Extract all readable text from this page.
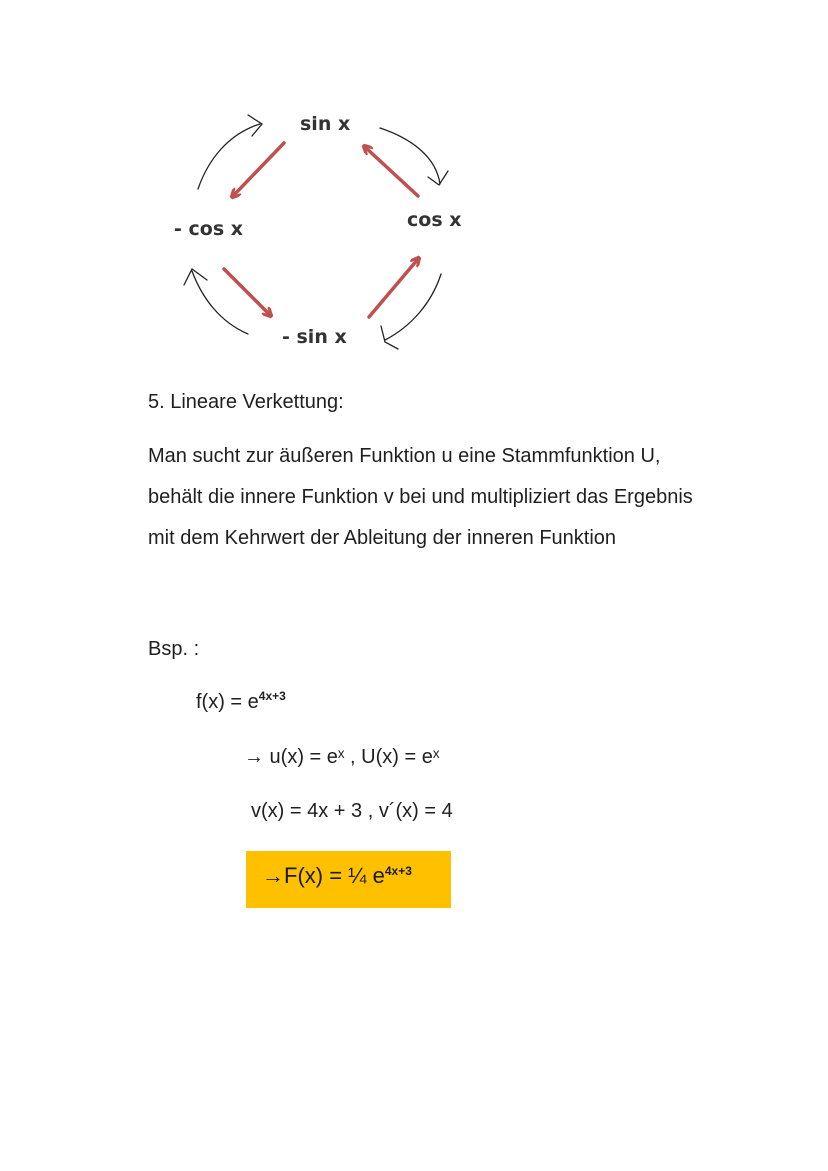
sin x
cos x
- sin x
- cos x
5. Lineare Verkettung:
Man sucht zur äußeren Funktion u eine Stammfunktion U,
behält die innere Funktion v bei und multipliziert das Ergebnis
mit dem Kehrwert der Ableitung der inneren Funktion
Bsp. :
$f(x) = e^{4x+3}$
→ u(x) = eˣ , U(x) = eˣ
v(x) = 4x + 3 , v´(x) = 4
→F(x) = ¼ $e^{4x+3}$
